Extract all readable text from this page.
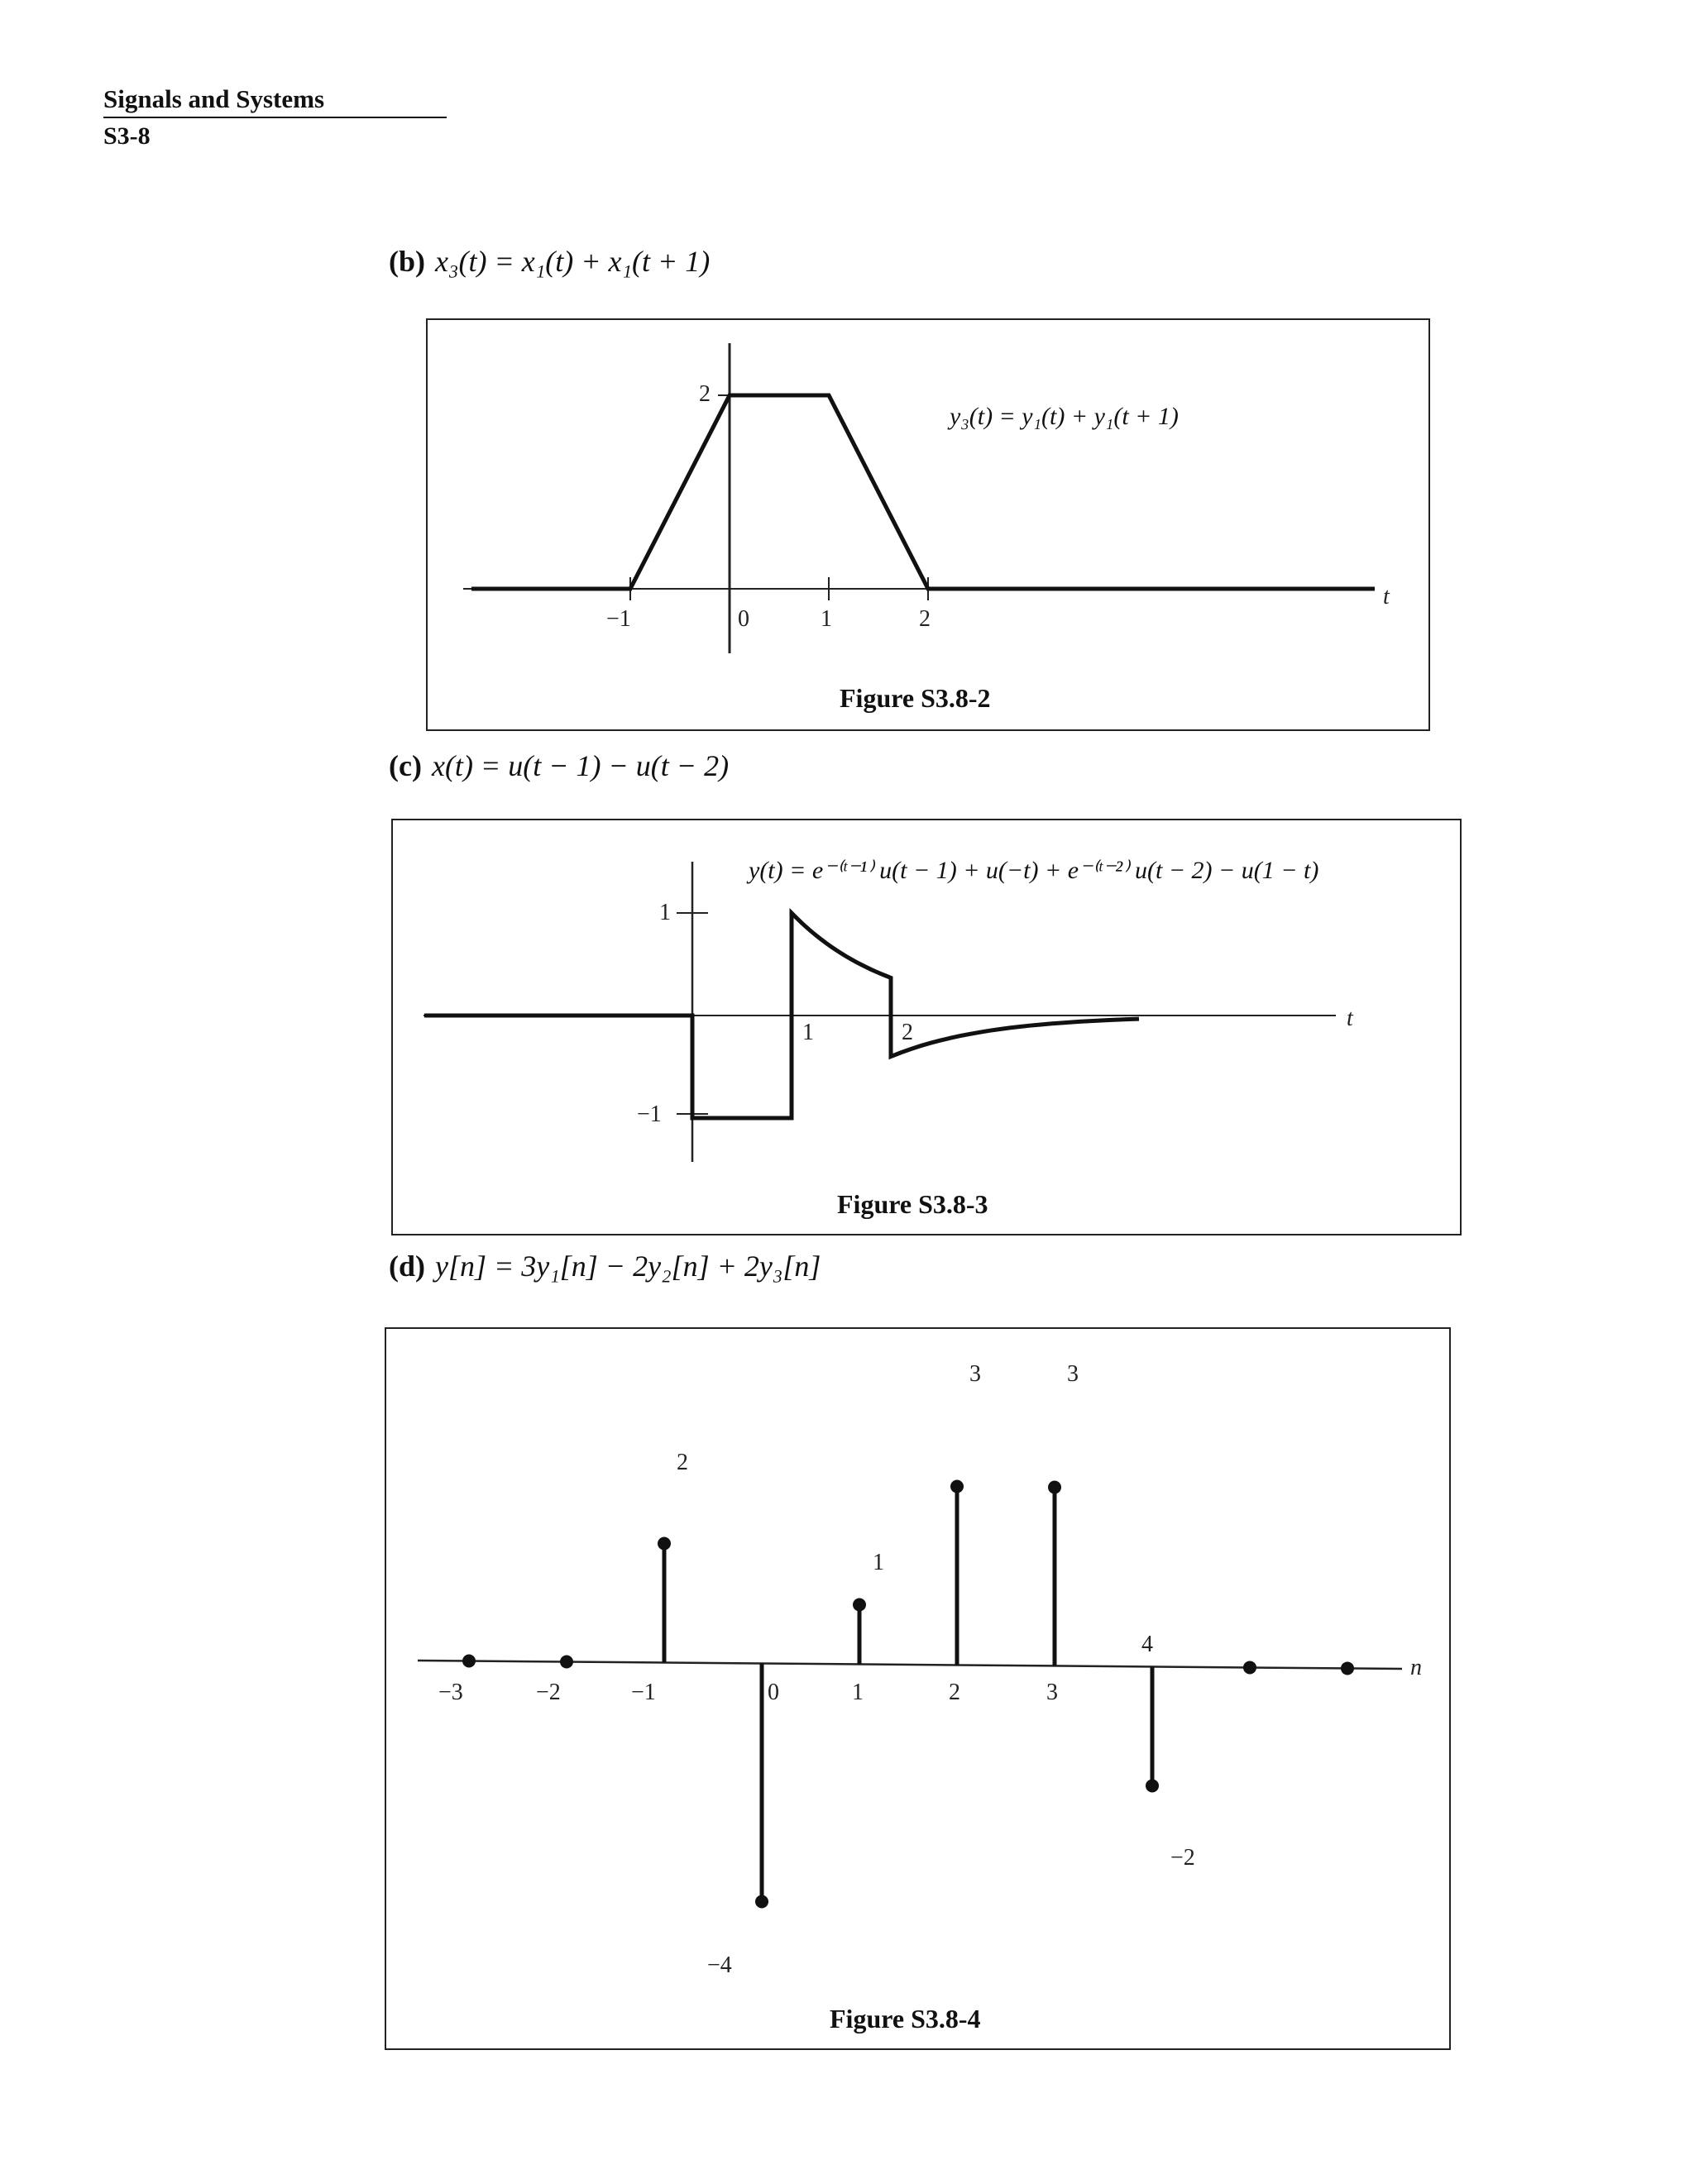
Signals and Systems
S3-8
(b) x₃(t) = x₁(t) + x₁(t + 1)
y₃(t) = y₁(t) + y₁(t + 1)
Figure S3.8-2
t
2
−1	0	1	2
(c) x(t) = u(t − 1) − u(t − 2)
y(t) = e⁻⁽ᵗ⁻¹⁾ u(t − 1) + u(−t) + e⁻⁽ᵗ⁻²⁾ u(t − 2) − u(1 − t)
Figure S3.8-3
t
1
−1
1	2
(d) y[n] = 3y₁[n] − 2y₂[n] + 2y₃[n]
Figure S3.8-4
n
−3	−2	−1	0	1	2	3
4
2
1
3	3
−4
−2
